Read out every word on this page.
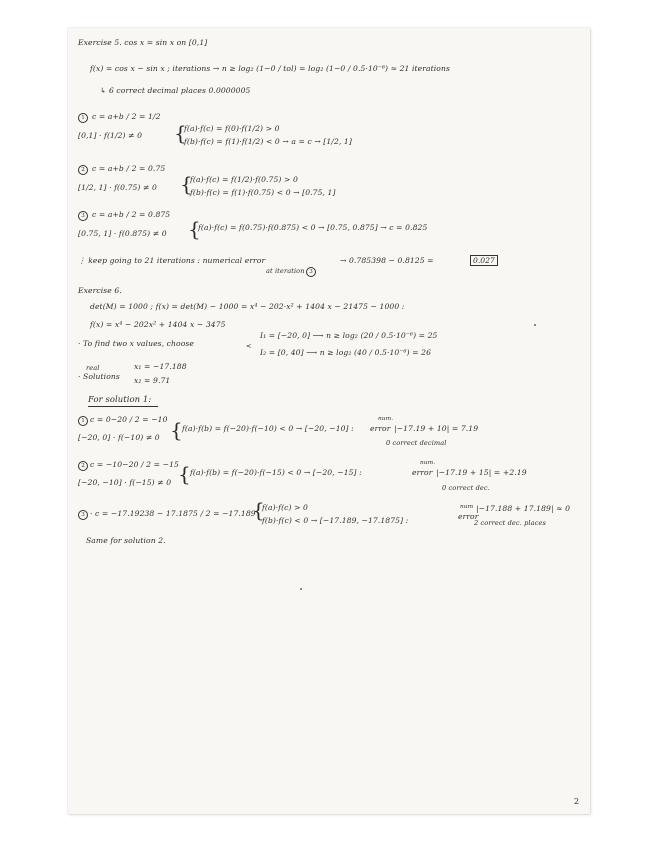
Exercise 5. cos x = sin x on [0,1]
f(x) = cos x − sin x ; iterations → n ≥ log₂ (1−0 / tol) = log₂ (1−0 / 0.5·10⁻⁶) ≈ 21 iterations
↳ 6 correct decimal places 0.0000005
1 c = a+b / 2 = 1/2
[0,1] · f(1/2) ≠ 0 {
f(a)·f(c) = f(0)·f(1/2) > 0
f(b)·f(c) = f(1)·f(1/2) < 0 → a = c → [1/2, 1]
2 c = a+b / 2 = 0.75
[1/2, 1] · f(0.75) ≠ 0 {
f(a)·f(c) = f(1/2)·f(0.75) > 0
f(b)·f(c) = f(1)·f(0.75) < 0 → [0.75, 1]
3 c = a+b / 2 = 0.875
[0.75, 1] · f(0.875) ≠ 0 {
f(a)·f(c) = f(0.75)·f(0.875) < 0 → [0.75, 0.875] → c = 0.825
⋮ keep going to 21 iterations : numerical error
at iteration 3
→ 0.785398 − 0.8125 =	0.027
Exercise 6.
det(M) = 1000 ; f(x) = det(M) − 1000 = x⁴ − 202·x² + 1404 x − 21475 − 1000 :
f(x) = x⁴ − 202x² + 1404 x − 3475
· To find two x values, choose	<
I₁ = [−20, 0] ⟶ n ≥ log₂ (20 / 0.5·10⁻⁶) = 25
I₂ = [0, 40] ⟶ n ≥ log₂ (40 / 0.5·10⁻⁶) = 26
real
· Solutions
x₁ = −17.188
x₂ = 9.71
For solution 1:
1 c = 0−20 / 2 = −10
[−20, 0] · f(−10) ≠ 0 { f(a)·f(b) = f(−20)·f(−10) < 0 → [−20, −10] :
num.
error |−17.19 + 10| = 7.19
0 correct decimal
2 c = −10−20 / 2 = −15
[−20, −10] · f(−15) ≠ 0 { f(a)·f(b) = f(−20)·f(−15) < 0 → [−20, −15] :
num.
error |−17.19 + 15| = +2.19
0 correct dec.
3 · c = −17.19238 − 17.1875 / 2 = −17.189
{
f(a)·f(c) > 0
f(b)·f(c) < 0 → [−17.189, −17.1875] :
num
error
|−17.188 + 17.189| ≈ 0
2 correct dec. places
Same for solution 2.
2
